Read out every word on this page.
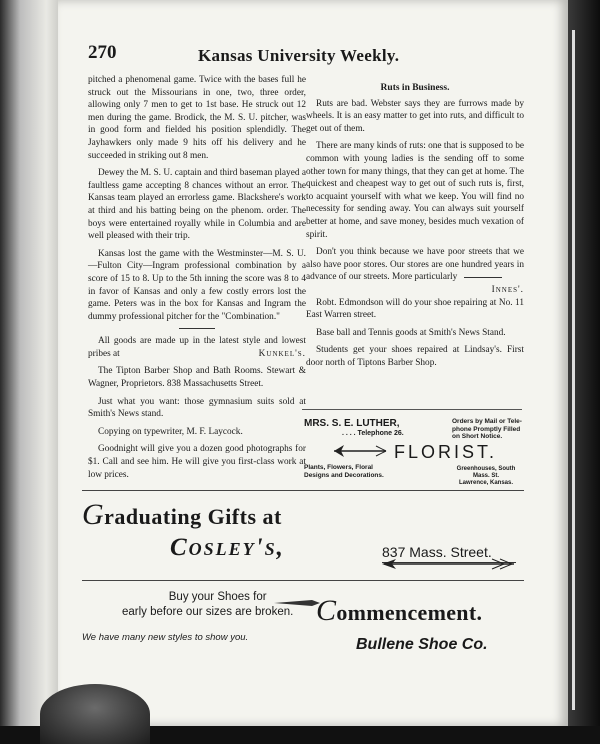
270	Kansas University Weekly.

pitched a phenomenal game. Twice with the bases full he struck out the Missourians in one, two, three order, allowing only 7 men to get to 1st base. He struck out 12 men during the game. Brodick, the M. S. U. pitcher, was in good form and fielded his position splendidly. The Jayhawkers only made 9 hits off his delivery and he succeeded in striking out 8 men.

Dewey the M. S. U. captain and third baseman played a faultless game accepting 8 chances without an error. The Kansas team played an errorless game. Blackshere's work at third and his batting being on the phenom. order. The boys were entertained royally while in Columbia and are well pleased with their trip.

Kansas lost the game with the Westminster—M. S. U.—Fulton City—Ingram professional combination by a score of 15 to 8. Up to the 5th inning the score was 8 to 4 in favor of Kansas and only a few costly errors lost the game. Peters was in the box for Kansas and Ingram the dummy professional pitcher for the "Combination."

All goods are made up in the latest style and lowest pribes at	Kunkel's.

The Tipton Barber Shop and Bath Rooms. Stewart & Wagner, Proprietors. 838 Massachusetts Street.

Just what you want: those gymnasium suits sold at Smith's News stand.

Copying on typewriter, M. F. Laycock.

Goodnight will give you a dozen good photographs for $1. Call and see him. He will give you first-class work at low prices.

Ruts in Business.

Ruts are bad. Webster says they are furrows made by wheels. It is an easy matter to get into ruts, and difficult to get out of them.

There are many kinds of ruts: one that is supposed to be common with young ladies is the sending off to some other town for many things, that they can get at home. The quickest and cheapest way to get out of such ruts is, first, to acquaint yourself with what we keep. You will find no necessity for sending away. You can always suit yourself better at home, and save money, besides much vexation of spirit.

Don't you think because we have poor streets that we also have poor stores. Our stores are one hundred years in advance of our streets. More particularly
Innes'.

Robt. Edmondson will do your shoe repairing at No. 11 East Warren street.

Base ball and Tennis goods at Smith's News Stand.

Students get your shoes repaired at Lindsay's. First door north of Tiptons Barber Shop.

MRS. S. E. LUTHER,
. . . . Telephone 26.
Orders by Mail or Tele-
phone Promptly Filled
on Short Notice.
FLORIST.
Plants, Flowers, Floral
Designs and Decorations.
Greenhouses, South Mass. St.
Lawrence, Kansas.
Graduating Gifts at
Cosley's,	837 Mass. Street.
Buy your Shoes for
early before our sizes are broken. Commencement.
We have many new styles to show you.	Bullene Shoe Co.
